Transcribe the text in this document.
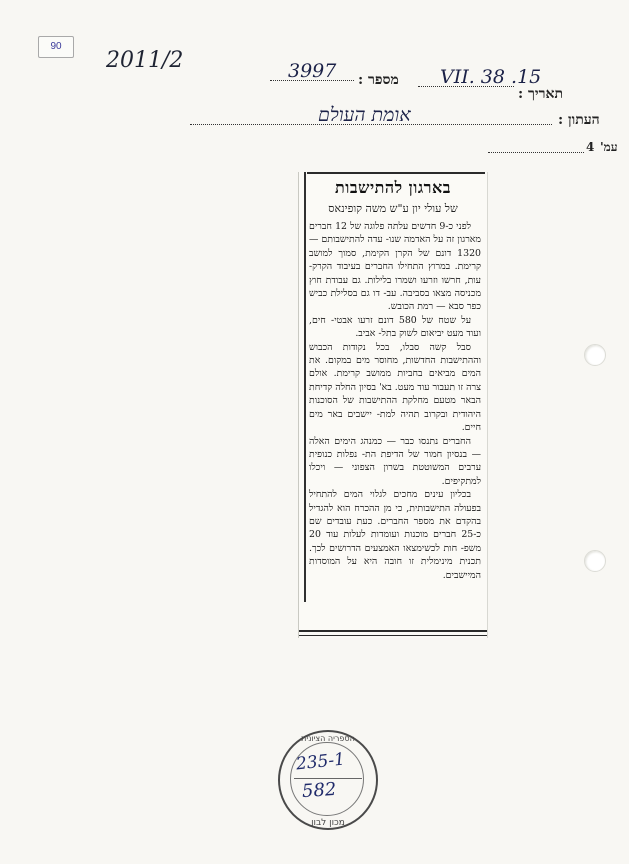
90
2011/2
תאריך :
15. VII. 38
מספר :
3997
העתון :
אומת העולם
עמ'
4
בארגון להתישבות
של עולי יון ע"ש משה קופינאס

לפני כ-9 חדשים עלתה פלוגה של 12 חברים מארגון זה על האדמה שנו- עדה להתישבותם — 1320 דונם של הקרן הקימת, סמוך למושב קרימת. במרוץ התחילו החברים בעיבוד הקרק- עות, חרשו וזרעו ושמרו בלילות. גם עבודת חוץ מכניסה מצאו בסביבה. עב- דו גם בסלילת כביש כפר סבא — רמת הכובש.

על שטח של 580 דונם זרעו אבטי- חים, ועוד מעט יביאום לשוק בתל- אביב.

סבל קשה סבלו, בכל נקודות הכבוש וההתישבות החדשות, מחוסר מים במקום. את המים מביאים בחביות ממושב קרימת. אולם צרה זו תעבור עוד מעט. בא' בסיון החלה קדיחת הבאר מטעם מחלקת ההתישבות של הסוכנות היהודית ובקרוב תהיה למת- יישבים באר מים חיים.

החברים נתנסו כבר — כמנהג הימים האלה — בנסיון חמור של הדיפת הת- נפלות כנופית ערבים המשוטטת בשרון הצפוני — ויכלו למתקיפים.

בכליון עינים מחכים לגלוי המים להתחיל בפעולה התישבותית, כי מן ההכרח הוא להגדיל בהקדם את מספר החברים. כעת עובדים שם כ-25 חברים מוכנות ועומדות לעלות עוד 20 משפ- חות לכשימצאו האמצעים הדרושים לכך. תכנית מינימלית זו חובה היא על המוסדות המיישבים.

הספריה הציונית
235-1
582
מכון לבון
